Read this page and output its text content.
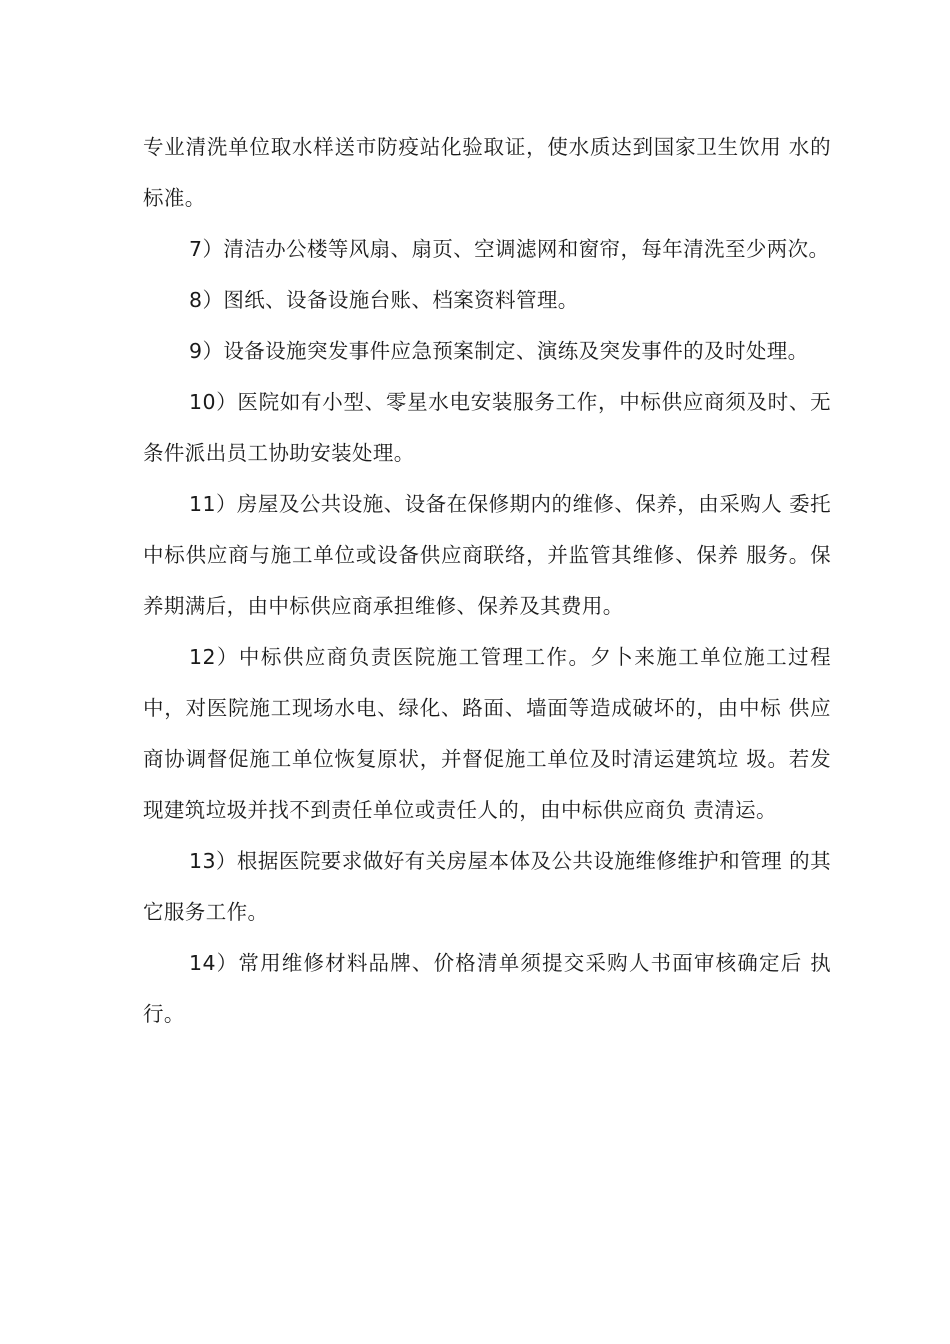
专业清洗单位取水样送市防疫站化验取证，使水质达到国家卫生饮用 水的标准。

7）清洁办公楼等风扇、扇页、空调滤网和窗帘，每年清洗至少两次。

8）图纸、设备设施台账、档案资料管理。

9）设备设施突发事件应急预案制定、演练及突发事件的及时处理。

10）医院如有小型、零星水电安装服务工作，中标供应商须及时、无条件派出员工协助安装处理。

11）房屋及公共设施、设备在保修期内的维修、保养，由采购人 委托中标供应商与施工单位或设备供应商联络，并监管其维修、保养 服务。保养期满后，由中标供应商承担维修、保养及其费用。

12）中标供应商负责医院施工管理工作。夕卜来施工单位施工过程中，对医院施工现场水电、绿化、路面、墙面等造成破坏的，由中标 供应商协调督促施工单位恢复原状，并督促施工单位及时清运建筑垃 圾。若发现建筑垃圾并找不到责任单位或责任人的，由中标供应商负 责清运。

13）根据医院要求做好有关房屋本体及公共设施维修维护和管理 的其它服务工作。

14）常用维修材料品牌、价格清单须提交采购人书面审核确定后 执行。
